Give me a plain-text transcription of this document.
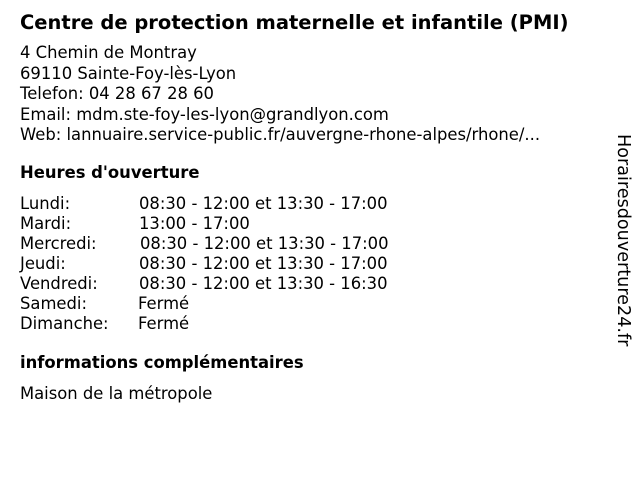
Centre de protection maternelle et infantile (PMI)
4 Chemin de Montray
69110 Sainte-Foy-lès-Lyon
Telefon: 04 28 67 28 60
Email: mdm.ste-foy-les-lyon@grandlyon.com
Web: lannuaire.service-public.fr/auvergne-rhone-alpes/rhone/...
Heures d'ouverture
Lundi:	08:30 - 12:00 et 13:30 - 17:00
Mardi:	13:00 - 17:00
Mercredi:	08:30 - 12:00 et 13:30 - 17:00
Jeudi:	08:30 - 12:00 et 13:30 - 17:00
Vendredi:	08:30 - 12:00 et 13:30 - 16:30
Samedi:	Fermé
Dimanche: Fermé
informations complémentaires
Maison de la métropole
Horairesdouverture24.fr
